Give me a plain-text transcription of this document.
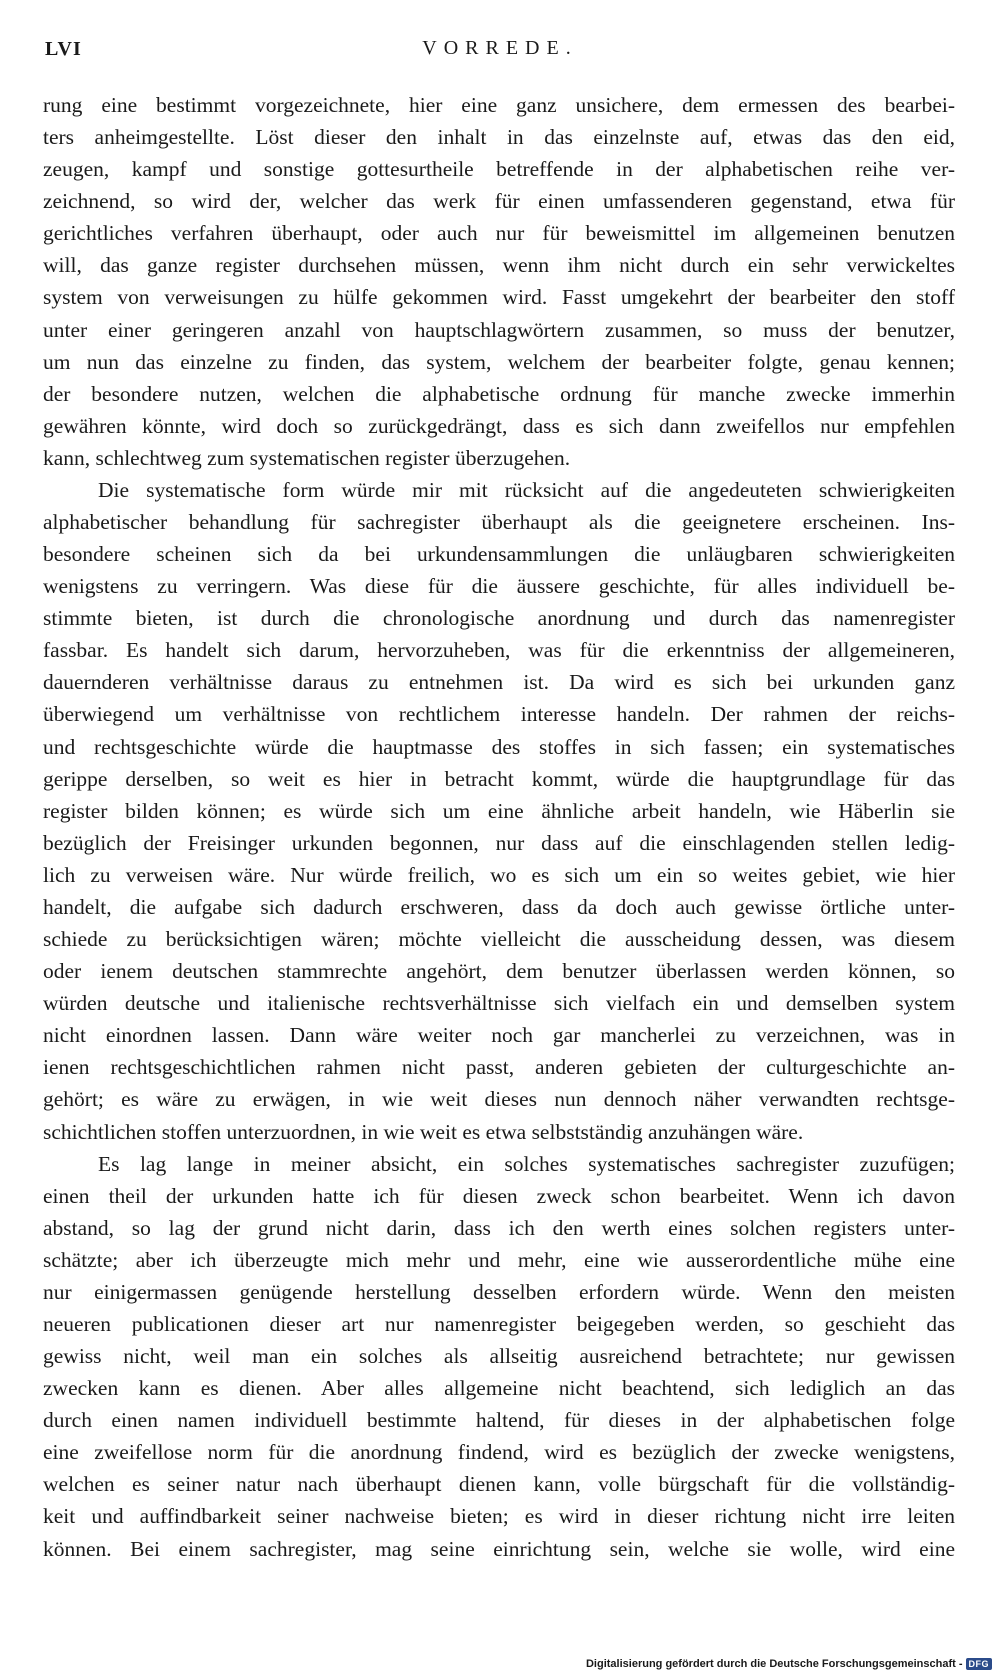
LVI	VORREDE.
rung eine bestimmt vorgezeichnete, hier eine ganz unsichere, dem ermessen des bearbei-
ters anheimgestellte. Löst dieser den inhalt in das einzelnste auf, etwas das den eid,
zeugen, kampf und sonstige gottesurtheile betreffende in der alphabetischen reihe ver-
zeichnend, so wird der, welcher das werk für einen umfassenderen gegenstand, etwa für
gerichtliches verfahren überhaupt, oder auch nur für beweismittel im allgemeinen benutzen
will, das ganze register durchsehen müssen, wenn ihm nicht durch ein sehr verwickeltes
system von verweisungen zu hülfe gekommen wird. Fasst umgekehrt der bearbeiter den stoff
unter einer geringeren anzahl von hauptschlagwörtern zusammen, so muss der benutzer,
um nun das einzelne zu finden, das system, welchem der bearbeiter folgte, genau kennen;
der besondere nutzen, welchen die alphabetische ordnung für manche zwecke immerhin
gewähren könnte, wird doch so zurückgedrängt, dass es sich dann zweifellos nur empfehlen
kann, schlechtweg zum systematischen register überzugehen.
Die systematische form würde mir mit rücksicht auf die angedeuteten schwierigkeiten
alphabetischer behandlung für sachregister überhaupt als die geeignetere erscheinen. Ins-
besondere scheinen sich da bei urkundensammlungen die unläugbaren schwierigkeiten
wenigstens zu verringern. Was diese für die äussere geschichte, für alles individuell be-
stimmte bieten, ist durch die chronologische anordnung und durch das namenregister
fassbar. Es handelt sich darum, hervorzuheben, was für die erkenntniss der allgemeineren,
dauernderen verhältnisse daraus zu entnehmen ist. Da wird es sich bei urkunden ganz
überwiegend um verhältnisse von rechtlichem interesse handeln. Der rahmen der reichs-
und rechtsgeschichte würde die hauptmasse des stoffes in sich fassen; ein systematisches
gerippe derselben, so weit es hier in betracht kommt, würde die hauptgrundlage für das
register bilden können; es würde sich um eine ähnliche arbeit handeln, wie Häberlin sie
bezüglich der Freisinger urkunden begonnen, nur dass auf die einschlagenden stellen ledig-
lich zu verweisen wäre. Nur würde freilich, wo es sich um ein so weites gebiet, wie hier
handelt, die aufgabe sich dadurch erschweren, dass da doch auch gewisse örtliche unter-
schiede zu berücksichtigen wären; möchte vielleicht die ausscheidung dessen, was diesem
oder ienem deutschen stammrechte angehört, dem benutzer überlassen werden können, so
würden deutsche und italienische rechtsverhältnisse sich vielfach ein und demselben system
nicht einordnen lassen. Dann wäre weiter noch gar mancherlei zu verzeichnen, was in
ienen rechtsgeschichtlichen rahmen nicht passt, anderen gebieten der culturgeschichte an-
gehört; es wäre zu erwägen, in wie weit dieses nun dennoch näher verwandten rechtsge-
schichtlichen stoffen unterzuordnen, in wie weit es etwa selbstständig anzuhängen wäre.
Es lag lange in meiner absicht, ein solches systematisches sachregister zuzufügen;
einen theil der urkunden hatte ich für diesen zweck schon bearbeitet. Wenn ich davon
abstand, so lag der grund nicht darin, dass ich den werth eines solchen registers unter-
schätzte; aber ich überzeugte mich mehr und mehr, eine wie ausserordentliche mühe eine
nur einigermassen genügende herstellung desselben erfordern würde. Wenn den meisten
neueren publicationen dieser art nur namenregister beigegeben werden, so geschieht das
gewiss nicht, weil man ein solches als allseitig ausreichend betrachtete; nur gewissen
zwecken kann es dienen. Aber alles allgemeine nicht beachtend, sich lediglich an das
durch einen namen individuell bestimmte haltend, für dieses in der alphabetischen folge
eine zweifellose norm für die anordnung findend, wird es bezüglich der zwecke wenigstens,
welchen es seiner natur nach überhaupt dienen kann, volle bürgschaft für die vollständig-
keit und auffindbarkeit seiner nachweise bieten; es wird in dieser richtung nicht irre leiten
können. Bei einem sachregister, mag seine einrichtung sein, welche sie wolle, wird eine
Digitalisierung gefördert durch die Deutsche Forschungsgemeinschaft - DFG
